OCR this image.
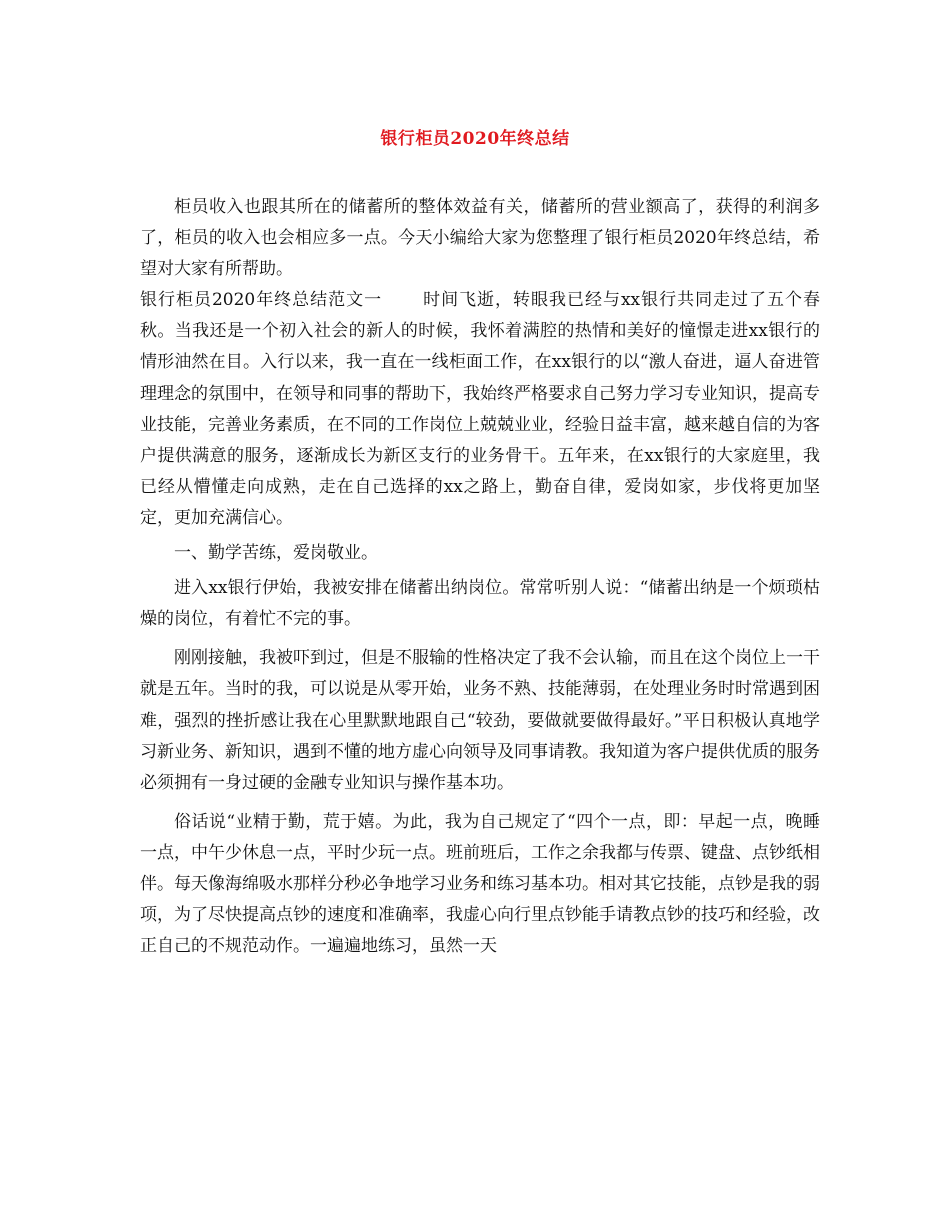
银行柜员2020年终总结

柜员收入也跟其所在的储蓄所的整体效益有关，储蓄所的营业额高了，获得的利润多了，柜员的收入也会相应多一点。今天小编给大家为您整理了银行柜员2020年终总结，希望对大家有所帮助。

银行柜员2020年终总结范文一 时间飞逝，转眼我已经与xx银行共同走过了五个春秋。当我还是一个初入社会的新人的时候，我怀着满腔的热情和美好的憧憬走进xx银行的情形油然在目。入行以来，我一直在一线柜面工作，在xx银行的以“激人奋进，逼人奋进管理理念的氛围中，在领导和同事的帮助下，我始终严格要求自己努力学习专业知识，提高专业技能，完善业务素质，在不同的工作岗位上兢兢业业，经验日益丰富，越来越自信的为客户提供满意的服务，逐渐成长为新区支行的业务骨干。五年来，在xx银行的大家庭里，我已经从懵懂走向成熟，走在自己选择的xx之路上，勤奋自律，爱岗如家，步伐将更加坚定，更加充满信心。

一、勤学苦练，爱岗敬业。

进入xx银行伊始，我被安排在储蓄出纳岗位。常常听别人说：“储蓄出纳是一个烦琐枯燥的岗位，有着忙不完的事。

刚刚接触，我被吓到过，但是不服输的性格决定了我不会认输，而且在这个岗位上一干就是五年。当时的我，可以说是从零开始，业务不熟、技能薄弱，在处理业务时时常遇到困难，强烈的挫折感让我在心里默默地跟自己“较劲，要做就要做得最好。”平日积极认真地学习新业务、新知识，遇到不懂的地方虚心向领导及同事请教。我知道为客户提供优质的服务必须拥有一身过硬的金融专业知识与操作基本功。

俗话说“业精于勤，荒于嬉。为此，我为自己规定了“四个一点，即：早起一点，晚睡一点，中午少休息一点，平时少玩一点。班前班后，工作之余我都与传票、键盘、点钞纸相伴。每天像海绵吸水那样分秒必争地学习业务和练习基本功。相对其它技能，点钞是我的弱项，为了尽快提高点钞的速度和准确率，我虚心向行里点钞能手请教点钞的技巧和经验，改正自己的不规范动作。一遍遍地练习，虽然一天
